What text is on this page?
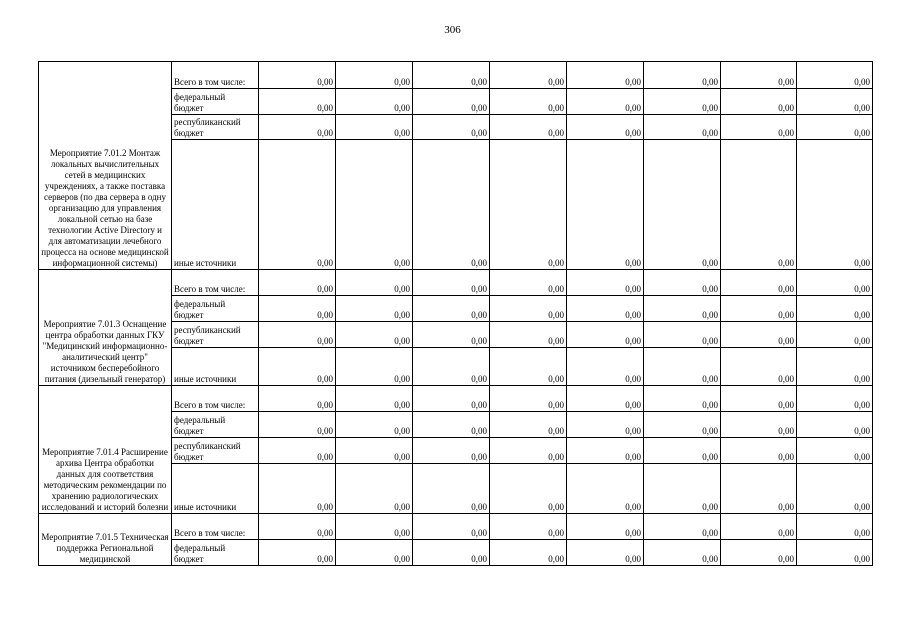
306
Мероприятие 7.01.2 Монтаж локальных вычислительных сетей в медицинских учреждениях, а также поставка серверов (по два сервера в одну организацию для управления локальной сетью на базе технологии Active Directory и для автоматизации лечебного процесса на основе медицинской информационной системы)	Всего в том числе:	0,00	0,00	0,00	0,00	0,00	0,00	0,00	0,00
	федеральный бюджет	0,00	0,00	0,00	0,00	0,00	0,00	0,00	0,00
	республиканский бюджет	0,00	0,00	0,00	0,00	0,00	0,00	0,00	0,00
	иные источники	0,00	0,00	0,00	0,00	0,00	0,00	0,00	0,00
Мероприятие 7.01.3 Оснащение центра обработки данных ГКУ "Медицинский информационно-аналитический центр" источником бесперебойного питания (дизельный генератор)	Всего в том числе:	0,00	0,00	0,00	0,00	0,00	0,00	0,00	0,00
	федеральный бюджет	0,00	0,00	0,00	0,00	0,00	0,00	0,00	0,00
	республиканский бюджет	0,00	0,00	0,00	0,00	0,00	0,00	0,00	0,00
	иные источники	0,00	0,00	0,00	0,00	0,00	0,00	0,00	0,00
Мероприятие 7.01.4 Расширение архива Центра обработки данных для соответствия методическим рекомендации по хранению радиологических исследований и историй болезни	Всего в том числе:	0,00	0,00	0,00	0,00	0,00	0,00	0,00	0,00
	федеральный бюджет	0,00	0,00	0,00	0,00	0,00	0,00	0,00	0,00
	республиканский бюджет	0,00	0,00	0,00	0,00	0,00	0,00	0,00	0,00
	иные источники	0,00	0,00	0,00	0,00	0,00	0,00	0,00	0,00
Мероприятие 7.01.5 Техническая поддержка Региональной медицинской	Всего в том числе:	0,00	0,00	0,00	0,00	0,00	0,00	0,00	0,00
	федеральный бюджет	0,00	0,00	0,00	0,00	0,00	0,00	0,00	0,00
